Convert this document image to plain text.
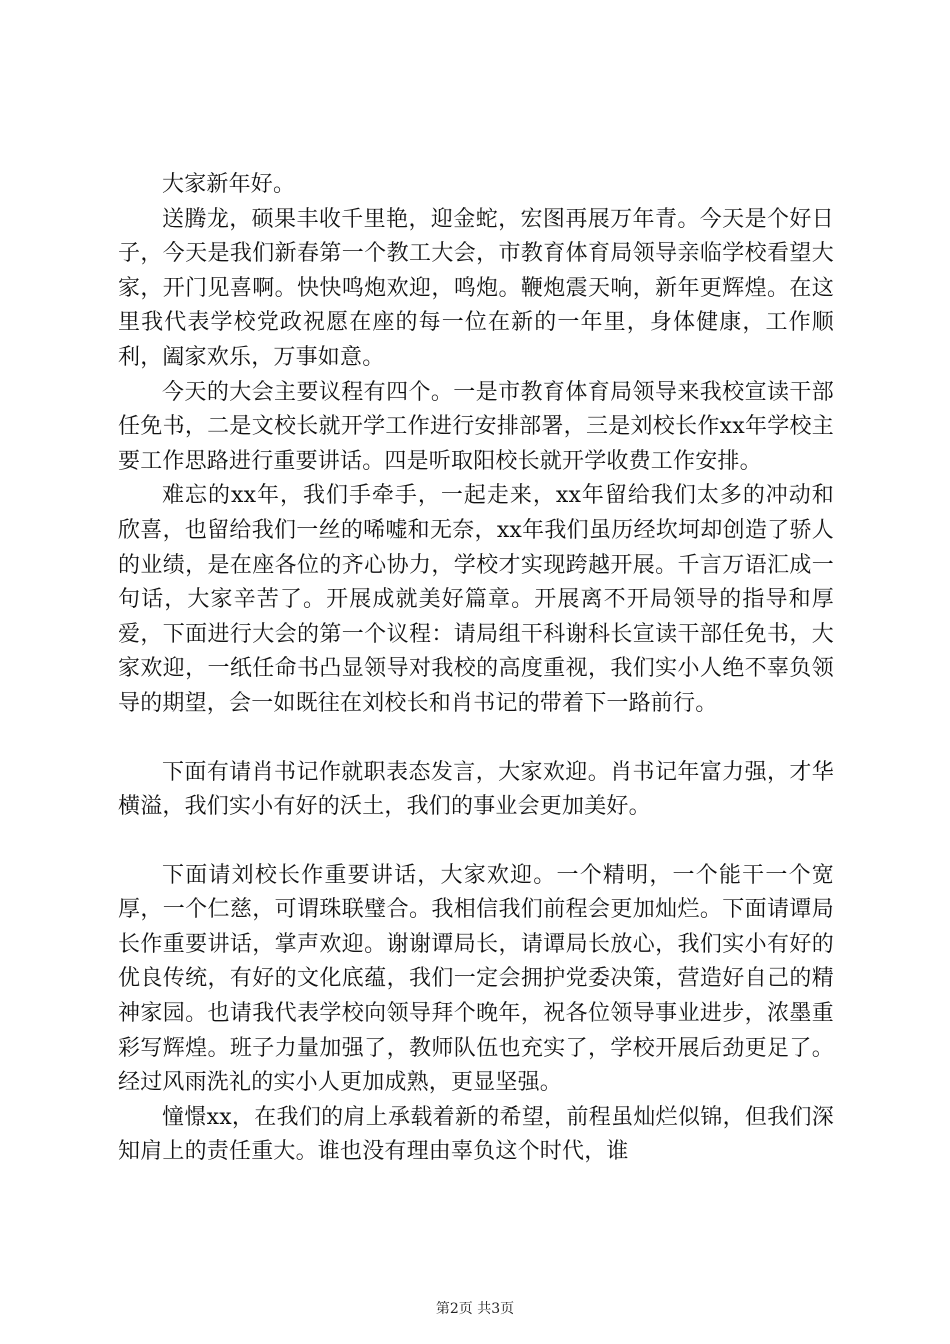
大家新年好。

送腾龙，硕果丰收千里艳，迎金蛇，宏图再展万年青。今天是个好日子，今天是我们新春第一个教工大会，市教育体育局领导亲临学校看望大家，开门见喜啊。快快鸣炮欢迎，鸣炮。鞭炮震天响，新年更辉煌。在这里我代表学校党政祝愿在座的每一位在新的一年里，身体健康，工作顺利，阖家欢乐，万事如意。

今天的大会主要议程有四个。一是市教育体育局领导来我校宣读干部任免书，二是文校长就开学工作进行安排部署，三是刘校长作xx年学校主要工作思路进行重要讲话。四是听取阳校长就开学收费工作安排。

难忘的xx年，我们手牵手，一起走来，xx年留给我们太多的冲动和欣喜，也留给我们一丝的唏嘘和无奈，xx年我们虽历经坎坷却创造了骄人的业绩，是在座各位的齐心协力，学校才实现跨越开展。千言万语汇成一句话，大家辛苦了。开展成就美好篇章。开展离不开局领导的指导和厚爱，下面进行大会的第一个议程：请局组干科谢科长宣读干部任免书，大家欢迎，一纸任命书凸显领导对我校的高度重视，我们实小人绝不辜负领导的期望，会一如既往在刘校长和肖书记的带着下一路前行。

下面有请肖书记作就职表态发言，大家欢迎。肖书记年富力强，才华横溢，我们实小有好的沃土，我们的事业会更加美好。

下面请刘校长作重要讲话，大家欢迎。一个精明，一个能干一个宽厚，一个仁慈，可谓珠联璧合。我相信我们前程会更加灿烂。下面请谭局长作重要讲话，掌声欢迎。谢谢谭局长，请谭局长放心，我们实小有好的优良传统，有好的文化底蕴，我们一定会拥护党委决策，营造好自己的精神家园。也请我代表学校向领导拜个晚年，祝各位领导事业进步，浓墨重彩写辉煌。班子力量加强了，教师队伍也充实了，学校开展后劲更足了。经过风雨洗礼的实小人更加成熟，更显坚强。

憧憬xx，在我们的肩上承载着新的希望，前程虽灿烂似锦，但我们深知肩上的责任重大。谁也没有理由辜负这个时代，谁

第2页 共3页
